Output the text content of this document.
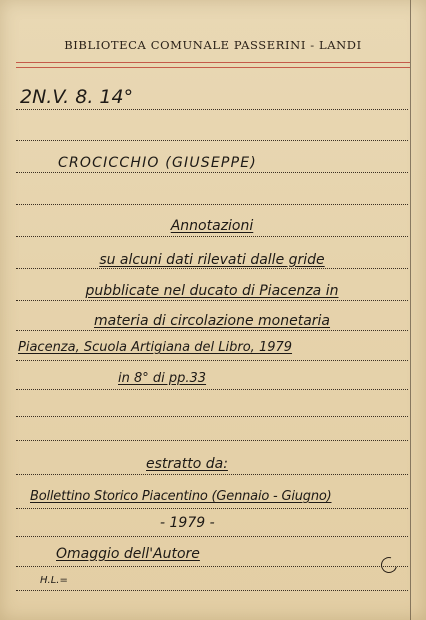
BIBLIOTECA COMUNALE PASSERINI - LANDI
2N.V. 8. 14°
CROCICCHIO (GIUSEPPE)
Annotazioni
su alcuni dati rilevati dalle gride
pubblicate nel ducato di Piacenza in
materia di circolazione monetaria
Piacenza, Scuola Artigiana del Libro, 1979
in 8° di pp.33
estratto da:
Bollettino Storico Piacentino (Gennaio - Giugno)
- 1979 -
Omaggio dell'Autore
H.L.=
